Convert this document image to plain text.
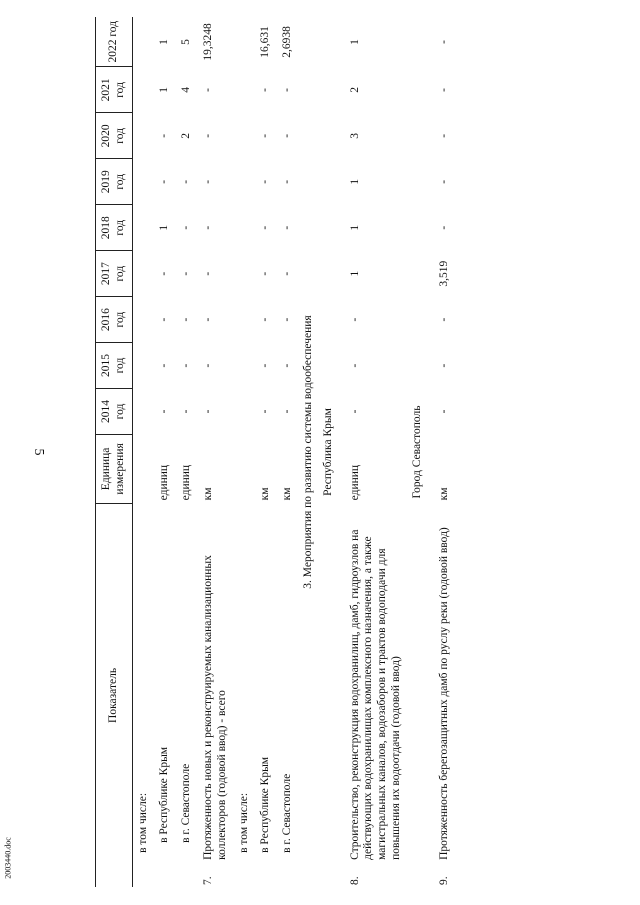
5
2003440.doc
Показатель		Единица измерения	2014 год	2015 год	2016 год	2017 год	2018 год	2019 год	2020 год	2021 год	2022 год
	в том числе:										
	в Республике Крым	единиц	-	-	-	-	1	-	-	1	1
	в г. Севастополе	единиц	-	-	-	-	-	-	2	4	5
7.	Протяженность новых и реконструируемых канализационных коллекторов (годовой ввод) - всего	км	-	-	-	-	-	-	-	-	19,3248
	в том числе:										
	в Республике Крым	км	-	-	-	-	-	-	-	-	16,631
	в г. Севастополе	км	-	-	-	-	-	-	-	-	2,6938
3. Мероприятия по развитию системы водообеспечения											
Республика Крым											

8.	Строительство, реконструкция водохранилищ, дамб, гидроузлов на действующих водохранилищах комплексного назначения, а также магистральных каналов, водозаборов и трактов водоподачи для повышения их водоотдачи (годовой ввод)	единиц	-	-	-	1	1	1	3	2	1
Город Севастополь											

9.	Протяженность берегозащитных дамб по руслу реки (годовой ввод)	км	-	-	-	3,519	-	-	-	-	-
